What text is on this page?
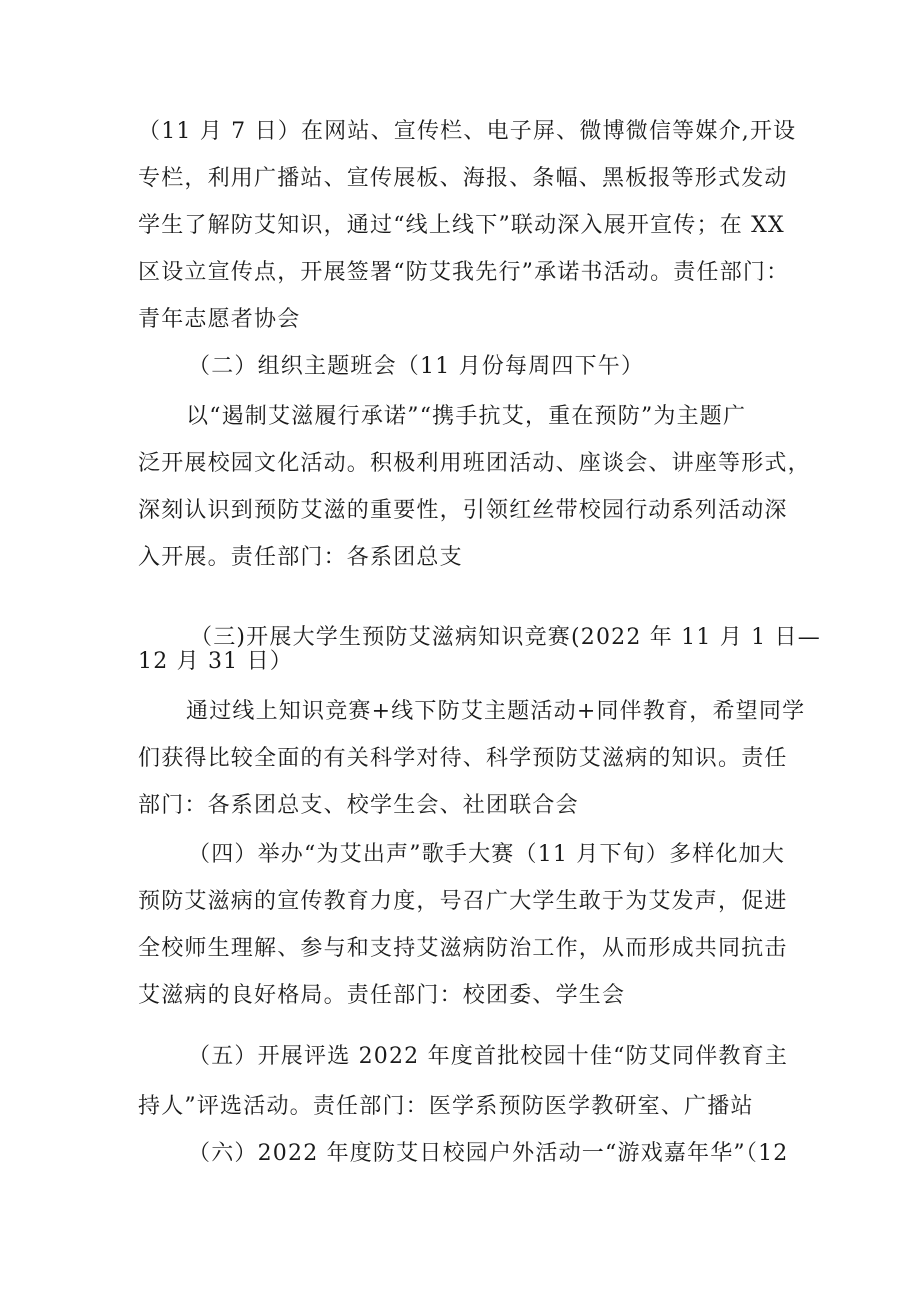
（11 月 7 日）在网站、宣传栏、电子屏、微博微信等媒介,开设

专栏，利用广播站、宣传展板、海报、条幅、黑板报等形式发动

学生了解防艾知识，通过“线上线下”联动深入展开宣传；在 XX

区设立宣传点，开展签署“防艾我先行”承诺书活动。责任部门：

青年志愿者协会

（二）组织主题班会（11 月份每周四下午）

以“遏制艾滋履行承诺”“携手抗艾，重在预防”为主题广

泛开展校园文化活动。积极利用班团活动、座谈会、讲座等形式，

深刻认识到预防艾滋的重要性，引领红丝带校园行动系列活动深

入开展。责任部门：各系团总支

（三)开展大学生预防艾滋病知识竞赛(2022 年 11 月 1 日—

12 月 31 日）

通过线上知识竞赛+线下防艾主题活动+同伴教育，希望同学

们获得比较全面的有关科学对待、科学预防艾滋病的知识。责任

部门：各系团总支、校学生会、社团联合会

（四）举办“为艾出声”歌手大赛（11 月下旬）多样化加大

预防艾滋病的宣传教育力度，号召广大学生敢于为艾发声，促进

全校师生理解、参与和支持艾滋病防治工作，从而形成共同抗击

艾滋病的良好格局。责任部门：校团委、学生会

（五）开展评选 2022 年度首批校园十佳“防艾同伴教育主

持人”评选活动。责任部门：医学系预防医学教研室、广播站

（六）2022 年度防艾日校园户外活动一“游戏嘉年华”（12
